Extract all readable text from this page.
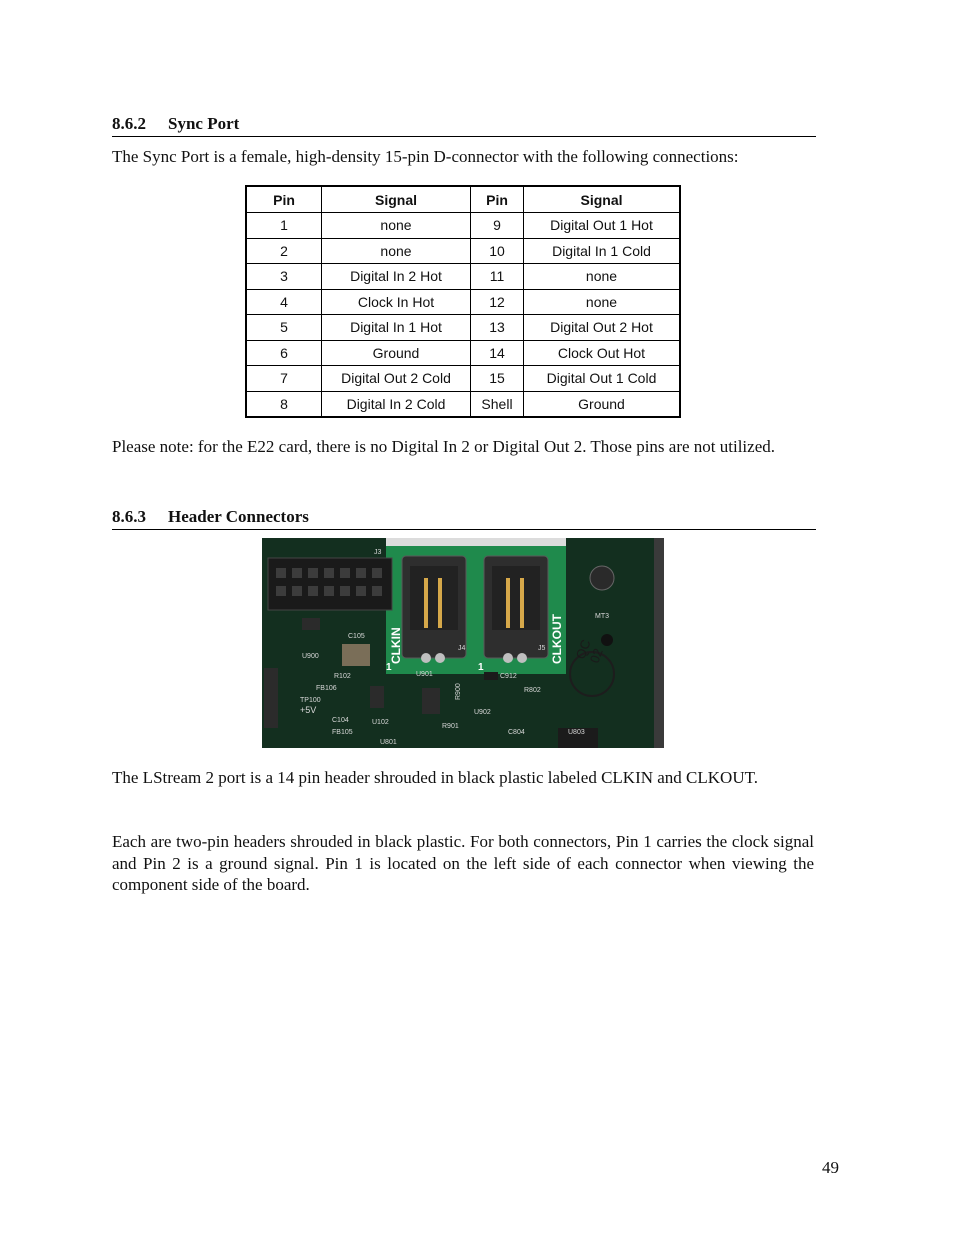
8.6.2 Sync Port

The Sync Port is a female, high-density 15-pin D-connector with the following connections:

Pin	Signal	Pin	Signal
1	none	9	Digital Out 1 Hot
2	none	10	Digital In 1 Cold
3	Digital In 2 Hot	11	none
4	Clock In Hot	12	none
5	Digital In 1 Hot	13	Digital Out 2 Hot
6	Ground	14	Clock Out Hot
7	Digital Out 2 Cold	15	Digital Out 1 Cold
8	Digital In 2 Cold	Shell	Ground

Please note: for the E22 card, there is no Digital In 2 or Digital Out 2. Those pins are not utilized.

8.6.3 Header Connectors
CLKIN	CLKOUT
1	1
J4	J5
J3
MT3
U901	C912
R900
R901
U902
U900
C105
R102
FB106
TP100
+5V
C104	U102
FB105
U801
C804	U803
R802
QC
02

The LStream 2 port is a 14 pin header shrouded in black plastic labeled CLKIN and CLKOUT.

Each are two-pin headers shrouded in black plastic. For both connectors, Pin 1 carries the clock signal and Pin 2 is a ground signal. Pin 1 is located on the left side of each connector when viewing the component side of the board.

49
